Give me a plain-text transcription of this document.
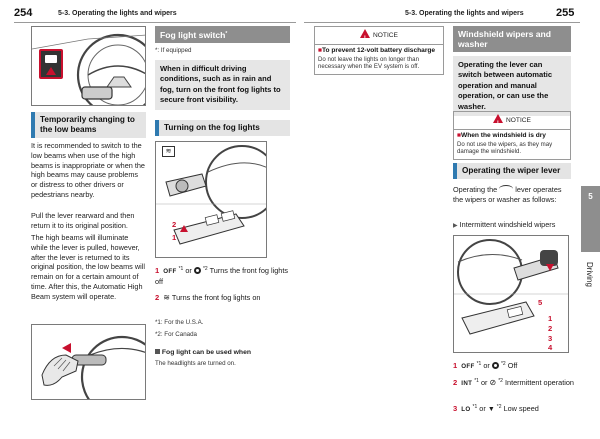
254	5-3. Operating the lights and wipers	5-3. Operating the lights and wipers	255
5
Driving
Temporarily changing to the low beams
It is recommended to switch to the low beams when use of the high beams is inappropriate or when the high beams may cause problems or distress to other drivers or pedestrians nearby.
Pull the lever rearward and then return it to its original position.
The high beams will illuminate while the lever is pulled, however, after the lever is returned to its original position, the low beams will remain on for a certain amount of time. After this, the Automatic High Beam system will operate.
Fog light switch*
*: If equipped
When in difficult driving conditions, such as in rain and fog, turn on the front fog lights to secure front visibility.
Turning on the fog lights
≋
2
1
1 OFF $^{*1}$ or $^{*2}$ Turns the front fog lights off
2 ≋ Turns the front fog lights on
*1: For the U.S.A.
*2: For Canada
Fog light can be used when
The headlights are turned on.
!NOTICE
■To prevent 12-volt battery discharge
Do not leave the lights on longer than necessary when the EV system is off.
Windshield wipers and washer
Operating the lever can switch between automatic operation and manual operation, or can use the washer.
!NOTICE
■When the windshield is dry
Do not use the wipers, as they may damage the windshield.
Operating the wiper lever
Operating the lever operates the wipers or washer as follows:
▶ Intermittent windshield wipers
5
1
2
3
4
1 OFF $^{*1}$ or $^{*2}$ Off
2 INT $^{*1}$ or ⊘ $^{*2}$ Intermittent operation
3 LO $^{*1}$ or ▼ $^{*2}$ Low speed
